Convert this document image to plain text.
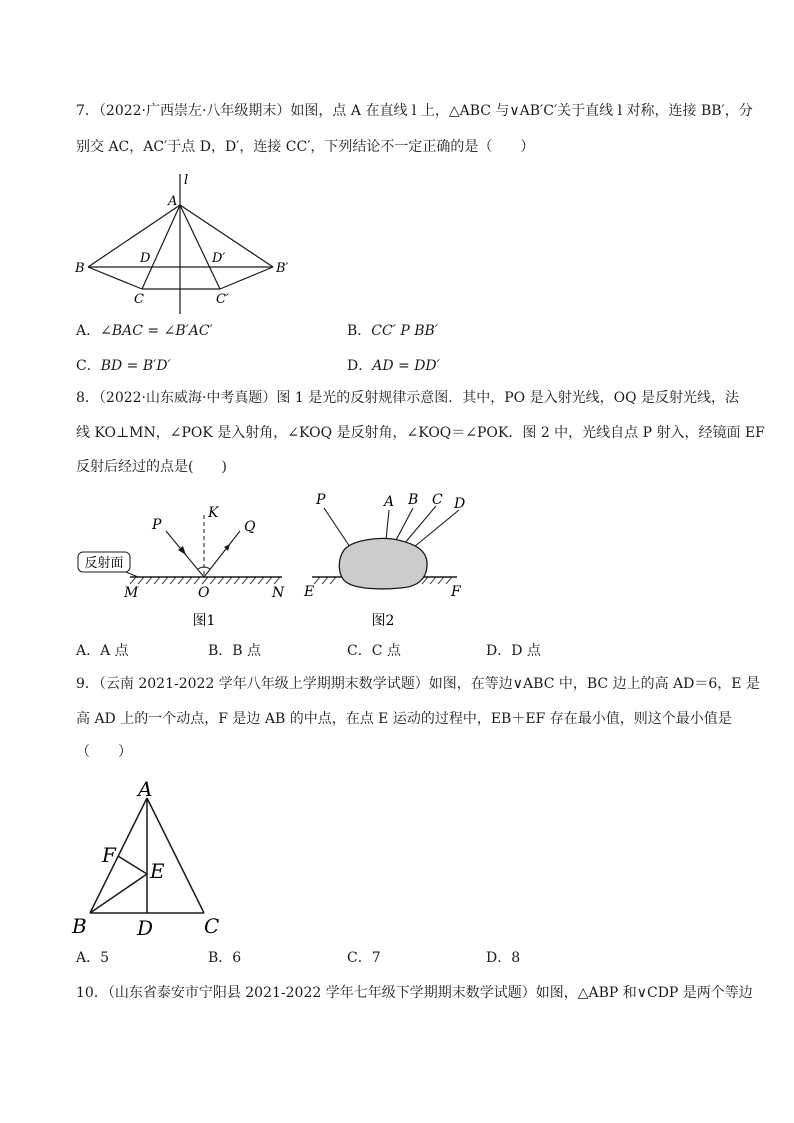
7．（2022·广西崇左·八年级期末）如图，点 A 在直线 l 上，△ABC 与∨AB′C′关于直线 l 对称，连接 BB′，分
别交 AC，AC′于点 D，D′，连接 CC′，下列结论不一定正确的是（　　）
l
A
B	B′
D	D′
C	C′
A．∠BAC = ∠B′AC′	B．CC′ P BB′
C．BD = B′D′	D．AD = DD′
8．（2022·山东威海·中考真题）图 1 是光的反射规律示意图．其中，PO 是入射光线，OQ 是反射光线，法
线 KO⊥MN，∠POK 是入射角，∠KOQ 是反射角，∠KOQ＝∠POK．图 2 中，光线自点 P 射入，经镜面 EF
反射后经过的点是(　　)
反射面
P
K
Q
M	O	N
图1
P	A B C D
E	F
图2
A．A 点	B．B 点	C．C 点	D．D 点
9．（云南 2021-2022 学年八年级上学期期末数学试题）如图，在等边∨ABC 中，BC 边上的高 AD＝6，E 是
高 AD 上的一个动点，F 是边 AB 的中点，在点 E 运动的过程中，EB＋EF 存在最小值，则这个最小值是
（　　）
A
F
E
B	D	C
A．5	B．6	C．7	D．8
10．（山东省泰安市宁阳县 2021-2022 学年七年级下学期期末数学试题）如图，△ABP 和∨CDP 是两个等边
